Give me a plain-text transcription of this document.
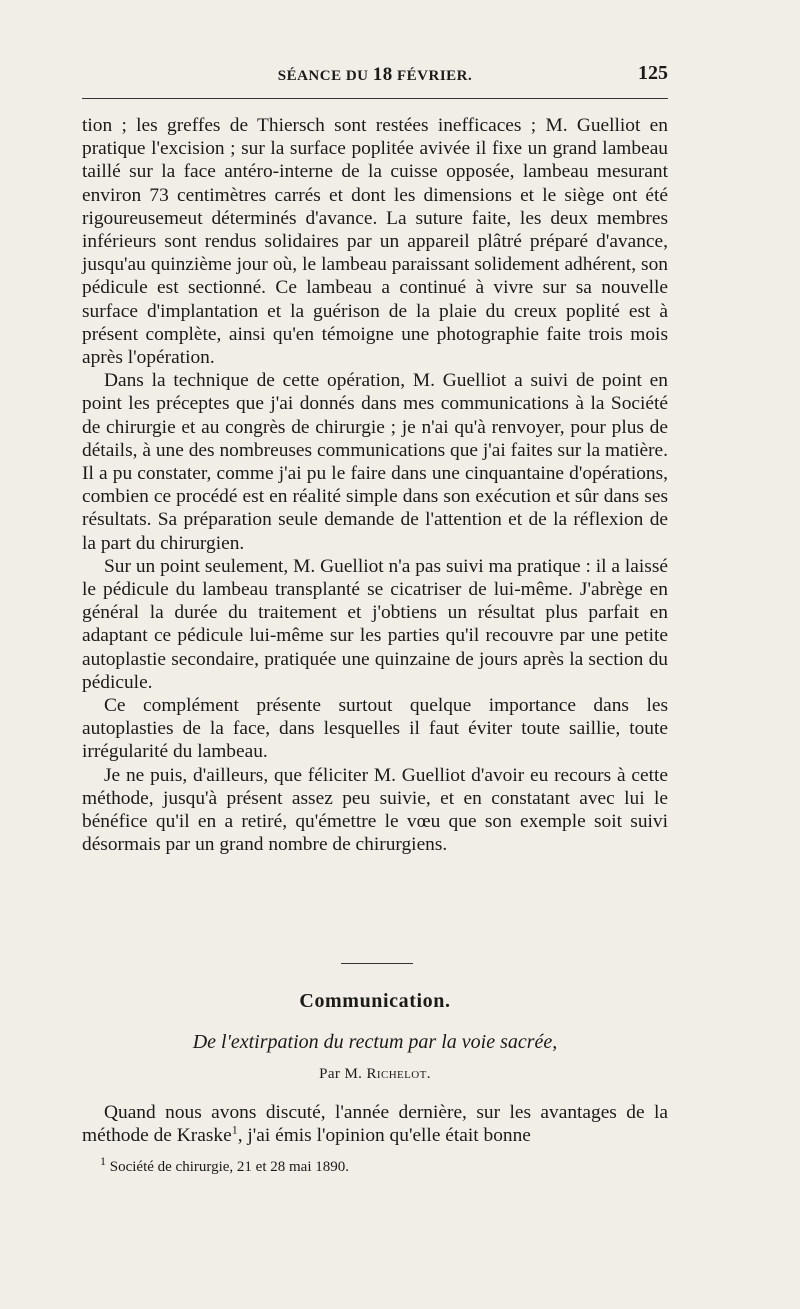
SÉANCE DU 18 FÉVRIER.	125

tion ; les greffes de Thiersch sont restées inefficaces ; M. Guelliot en pratique l'excision ; sur la surface poplitée avivée il fixe un grand lambeau taillé sur la face antéro-interne de la cuisse opposée, lambeau mesurant environ 73 centimètres carrés et dont les dimensions et le siège ont été rigoureusemeut déterminés d'avance. La suture faite, les deux membres inférieurs sont rendus solidaires par un appareil plâtré préparé d'avance, jusqu'au quinzième jour où, le lambeau paraissant solidement adhérent, son pédicule est sectionné. Ce lambeau a continué à vivre sur sa nouvelle surface d'implantation et la guérison de la plaie du creux poplité est à présent complète, ainsi qu'en témoigne une photographie faite trois mois après l'opération.

Dans la technique de cette opération, M. Guelliot a suivi de point en point les préceptes que j'ai donnés dans mes communications à la Société de chirurgie et au congrès de chirurgie ; je n'ai qu'à renvoyer, pour plus de détails, à une des nombreuses communications que j'ai faites sur la matière. Il a pu constater, comme j'ai pu le faire dans une cinquantaine d'opérations, combien ce procédé est en réalité simple dans son exécution et sûr dans ses résultats. Sa préparation seule demande de l'attention et de la réflexion de la part du chirurgien.

Sur un point seulement, M. Guelliot n'a pas suivi ma pratique : il a laissé le pédicule du lambeau transplanté se cicatriser de lui-même. J'abrège en général la durée du traitement et j'obtiens un résultat plus parfait en adaptant ce pédicule lui-même sur les parties qu'il recouvre par une petite autoplastie secondaire, pratiquée une quinzaine de jours après la section du pédicule.

Ce complément présente surtout quelque importance dans les autoplasties de la face, dans lesquelles il faut éviter toute saillie, toute irrégularité du lambeau.

Je ne puis, d'ailleurs, que féliciter M. Guelliot d'avoir eu recours à cette méthode, jusqu'à présent assez peu suivie, et en constatant avec lui le bénéfice qu'il en a retiré, qu'émettre le vœu que son exemple soit suivi désormais par un grand nombre de chirurgiens.

Communication.
De l'extirpation du rectum par la voie sacrée,
Par M. Richelot.

Quand nous avons discuté, l'année dernière, sur les avantages de la méthode de Kraske$^1$, j'ai émis l'opinion qu'elle était bonne

$^1$ Société de chirurgie, 21 et 28 mai 1890.
